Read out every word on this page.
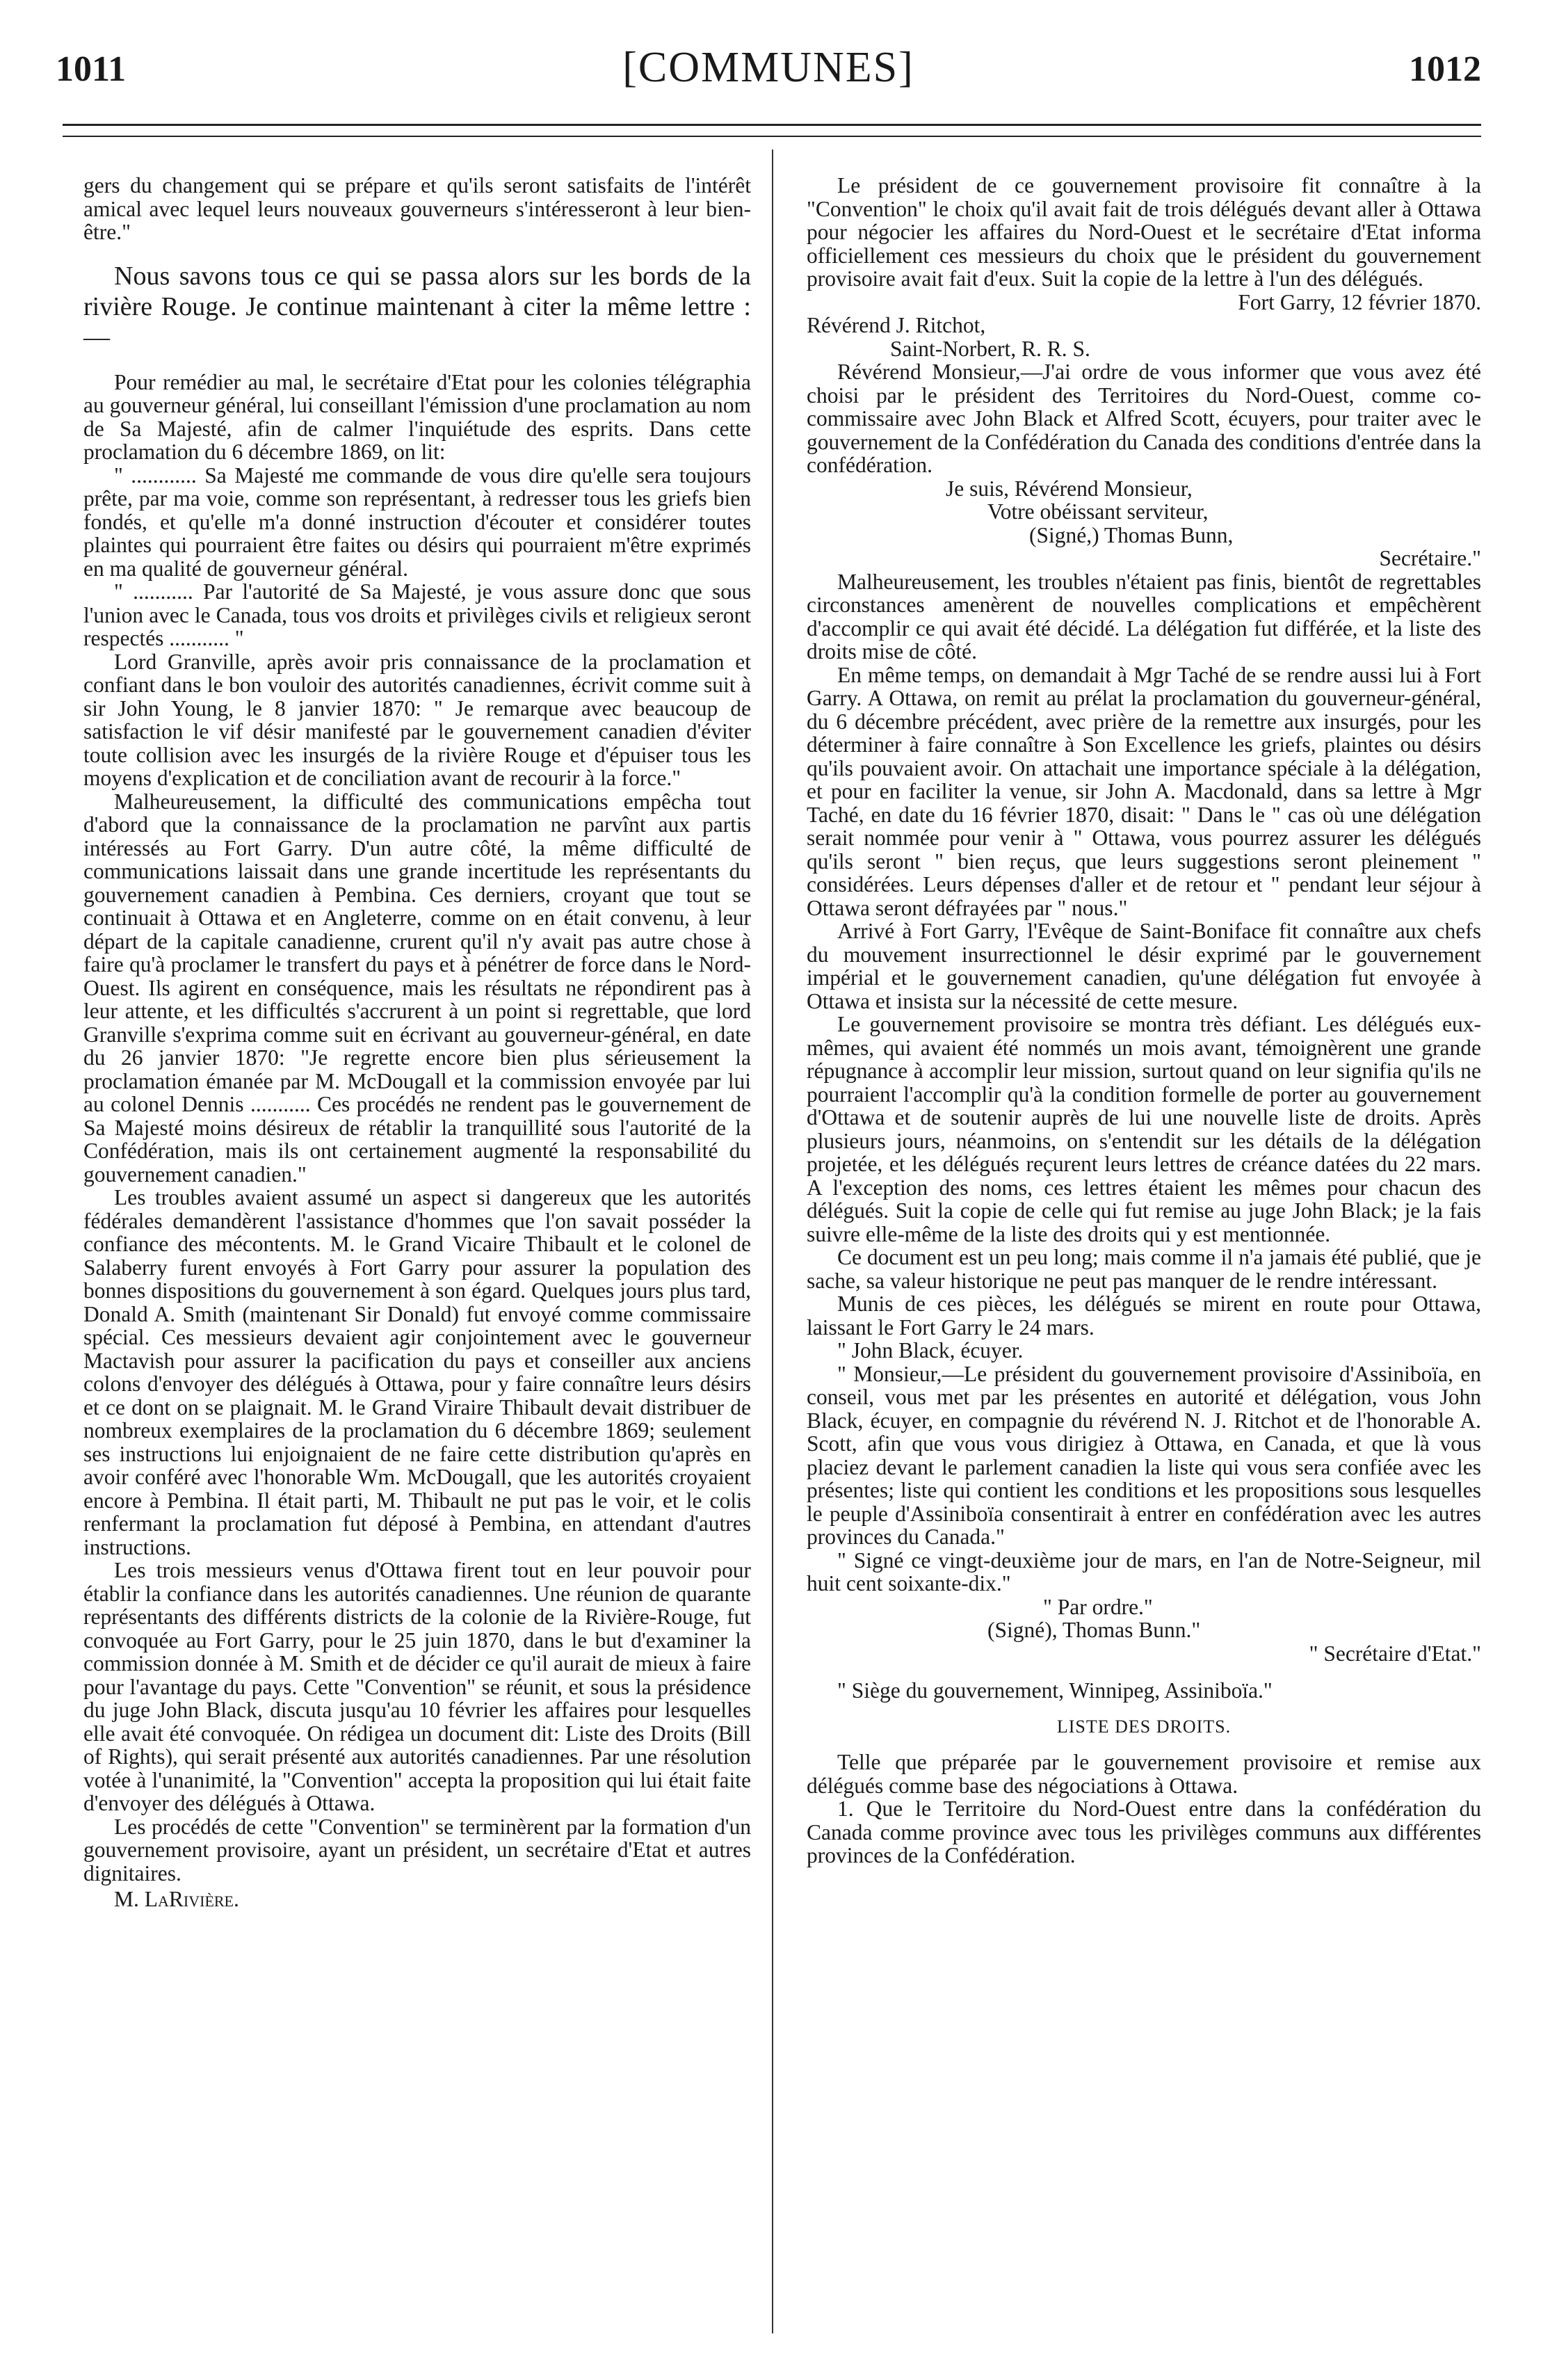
1011	[COMMUNES]	1012

gers du changement qui se prépare et qu'ils seront satisfaits de l'intérêt amical avec lequel leurs nouveaux gouverneurs s'intéresseront à leur bien-être."

Nous savons tous ce qui se passa alors sur les bords de la rivière Rouge. Je continue maintenant à citer la même lettre :—

Pour remédier au mal, le secrétaire d'Etat pour les colonies télégraphia au gouverneur général, lui conseillant l'émission d'une proclamation au nom de Sa Majesté, afin de calmer l'inquiétude des esprits. Dans cette proclamation du 6 décembre 1869, on lit:

" ............ Sa Majesté me commande de vous dire qu'elle sera toujours prête, par ma voie, comme son représentant, à redresser tous les griefs bien fondés, et qu'elle m'a donné instruction d'écouter et considérer toutes plaintes qui pourraient être faites ou désirs qui pourraient m'être exprimés en ma qualité de gouverneur général.

" ........... Par l'autorité de Sa Majesté, je vous assure donc que sous l'union avec le Canada, tous vos droits et privilèges civils et religieux seront respectés ........... "

Lord Granville, après avoir pris connaissance de la proclamation et confiant dans le bon vouloir des autorités canadiennes, écrivit comme suit à sir John Young, le 8 janvier 1870: " Je remarque avec beaucoup de satisfaction le vif désir manifesté par le gouvernement canadien d'éviter toute collision avec les insurgés de la rivière Rouge et d'épuiser tous les moyens d'explication et de conciliation avant de recourir à la force."

Malheureusement, la difficulté des communications empêcha tout d'abord que la connaissance de la proclamation ne parvînt aux partis intéressés au Fort Garry. D'un autre côté, la même difficulté de communications laissait dans une grande incertitude les représentants du gouvernement canadien à Pembina. Ces derniers, croyant que tout se continuait à Ottawa et en Angleterre, comme on en était convenu, à leur départ de la capitale canadienne, crurent qu'il n'y avait pas autre chose à faire qu'à proclamer le transfert du pays et à pénétrer de force dans le Nord-Ouest. Ils agirent en conséquence, mais les résultats ne répondirent pas à leur attente, et les difficultés s'accrurent à un point si regrettable, que lord Granville s'exprima comme suit en écrivant au gouverneur-général, en date du 26 janvier 1870: "Je regrette encore bien plus sérieusement la proclamation émanée par M. McDougall et la commission envoyée par lui au colonel Dennis ........... Ces procédés ne rendent pas le gouvernement de Sa Majesté moins désireux de rétablir la tranquillité sous l'autorité de la Confédération, mais ils ont certainement augmenté la responsabilité du gouvernement canadien."

Les troubles avaient assumé un aspect si dangereux que les autorités fédérales demandèrent l'assistance d'hommes que l'on savait posséder la confiance des mécontents. M. le Grand Vicaire Thibault et le colonel de Salaberry furent envoyés à Fort Garry pour assurer la population des bonnes dispositions du gouvernement à son égard. Quelques jours plus tard, Donald A. Smith (maintenant Sir Donald) fut envoyé comme commissaire spécial. Ces messieurs devaient agir conjointement avec le gouverneur Mactavish pour assurer la pacification du pays et conseiller aux anciens colons d'envoyer des délégués à Ottawa, pour y faire connaître leurs désirs et ce dont on se plaignait. M. le Grand Viraire Thibault devait distribuer de nombreux exemplaires de la proclamation du 6 décembre 1869; seulement ses instructions lui enjoignaient de ne faire cette distribution qu'après en avoir conféré avec l'honorable Wm. McDougall, que les autorités croyaient encore à Pembina. Il était parti, M. Thibault ne put pas le voir, et le colis renfermant la proclamation fut déposé à Pembina, en attendant d'autres instructions.

Les trois messieurs venus d'Ottawa firent tout en leur pouvoir pour établir la confiance dans les autorités canadiennes. Une réunion de quarante représentants des différents districts de la colonie de la Rivière-Rouge, fut convoquée au Fort Garry, pour le 25 juin 1870, dans le but d'examiner la commission donnée à M. Smith et de décider ce qu'il aurait de mieux à faire pour l'avantage du pays. Cette "Convention" se réunit, et sous la présidence du juge John Black, discuta jusqu'au 10 février les affaires pour lesquelles elle avait été convoquée. On rédigea un document dit: Liste des Droits (Bill of Rights), qui serait présenté aux autorités canadiennes. Par une résolution votée à l'unanimité, la "Convention" accepta la proposition qui lui était faite d'envoyer des délégués à Ottawa.

Les procédés de cette "Convention" se terminèrent par la formation d'un gouvernement provisoire, ayant un président, un secrétaire d'Etat et autres dignitaires.

M. LaRivière.

Le président de ce gouvernement provisoire fit connaître à la "Convention" le choix qu'il avait fait de trois délégués devant aller à Ottawa pour négocier les affaires du Nord-Ouest et le secrétaire d'Etat informa officiellement ces messieurs du choix que le président du gouvernement provisoire avait fait d'eux. Suit la copie de la lettre à l'un des délégués.

Fort Garry, 12 février 1870.

Révérend J. Ritchot,

Saint-Norbert, R. R. S.

Révérend Monsieur,—J'ai ordre de vous informer que vous avez été choisi par le président des Territoires du Nord-Ouest, comme co-commissaire avec John Black et Alfred Scott, écuyers, pour traiter avec le gouvernement de la Confédération du Canada des conditions d'entrée dans la confédération.

Je suis, Révérend Monsieur,

Votre obéissant serviteur,

(Signé,) Thomas Bunn,

Secrétaire."

Malheureusement, les troubles n'étaient pas finis, bientôt de regrettables circonstances amenèrent de nouvelles complications et empêchèrent d'accomplir ce qui avait été décidé. La délégation fut différée, et la liste des droits mise de côté.

En même temps, on demandait à Mgr Taché de se rendre aussi lui à Fort Garry. A Ottawa, on remit au prélat la proclamation du gouverneur-général, du 6 décembre précédent, avec prière de la remettre aux insurgés, pour les déterminer à faire connaître à Son Excellence les griefs, plaintes ou désirs qu'ils pouvaient avoir. On attachait une importance spéciale à la délégation, et pour en faciliter la venue, sir John A. Macdonald, dans sa lettre à Mgr Taché, en date du 16 février 1870, disait: " Dans le " cas où une délégation serait nommée pour venir à " Ottawa, vous pourrez assurer les délégués qu'ils seront " bien reçus, que leurs suggestions seront pleinement " considérées. Leurs dépenses d'aller et de retour et " pendant leur séjour à Ottawa seront défrayées par " nous."

Arrivé à Fort Garry, l'Evêque de Saint-Boniface fit connaître aux chefs du mouvement insurrectionnel le désir exprimé par le gouvernement impérial et le gouvernement canadien, qu'une délégation fut envoyée à Ottawa et insista sur la nécessité de cette mesure.

Le gouvernement provisoire se montra très défiant. Les délégués eux-mêmes, qui avaient été nommés un mois avant, témoignèrent une grande répugnance à accomplir leur mission, surtout quand on leur signifia qu'ils ne pourraient l'accomplir qu'à la condition formelle de porter au gouvernement d'Ottawa et de soutenir auprès de lui une nouvelle liste de droits. Après plusieurs jours, néanmoins, on s'entendit sur les détails de la délégation projetée, et les délégués reçurent leurs lettres de créance datées du 22 mars. A l'exception des noms, ces lettres étaient les mêmes pour chacun des délégués. Suit la copie de celle qui fut remise au juge John Black; je la fais suivre elle-même de la liste des droits qui y est mentionnée.

Ce document est un peu long; mais comme il n'a jamais été publié, que je sache, sa valeur historique ne peut pas manquer de le rendre intéressant.

Munis de ces pièces, les délégués se mirent en route pour Ottawa, laissant le Fort Garry le 24 mars.

" John Black, écuyer.

" Monsieur,—Le président du gouvernement provisoire d'Assiniboïa, en conseil, vous met par les présentes en autorité et délégation, vous John Black, écuyer, en compagnie du révérend N. J. Ritchot et de l'honorable A. Scott, afin que vous vous dirigiez à Ottawa, en Canada, et que là vous placiez devant le parlement canadien la liste qui vous sera confiée avec les présentes; liste qui contient les conditions et les propositions sous lesquelles le peuple d'Assiniboïa consentirait à entrer en confédération avec les autres provinces du Canada."

" Signé ce vingt-deuxième jour de mars, en l'an de Notre-Seigneur, mil huit cent soixante-dix."

" Par ordre."

(Signé), Thomas Bunn."

" Secrétaire d'Etat."

" Siège du gouvernement, Winnipeg, Assiniboïa."

LISTE DES DROITS.

Telle que préparée par le gouvernement provisoire et remise aux délégués comme base des négociations à Ottawa.

1. Que le Territoire du Nord-Ouest entre dans la confédération du Canada comme province avec tous les privilèges communs aux différentes provinces de la Confédération.
